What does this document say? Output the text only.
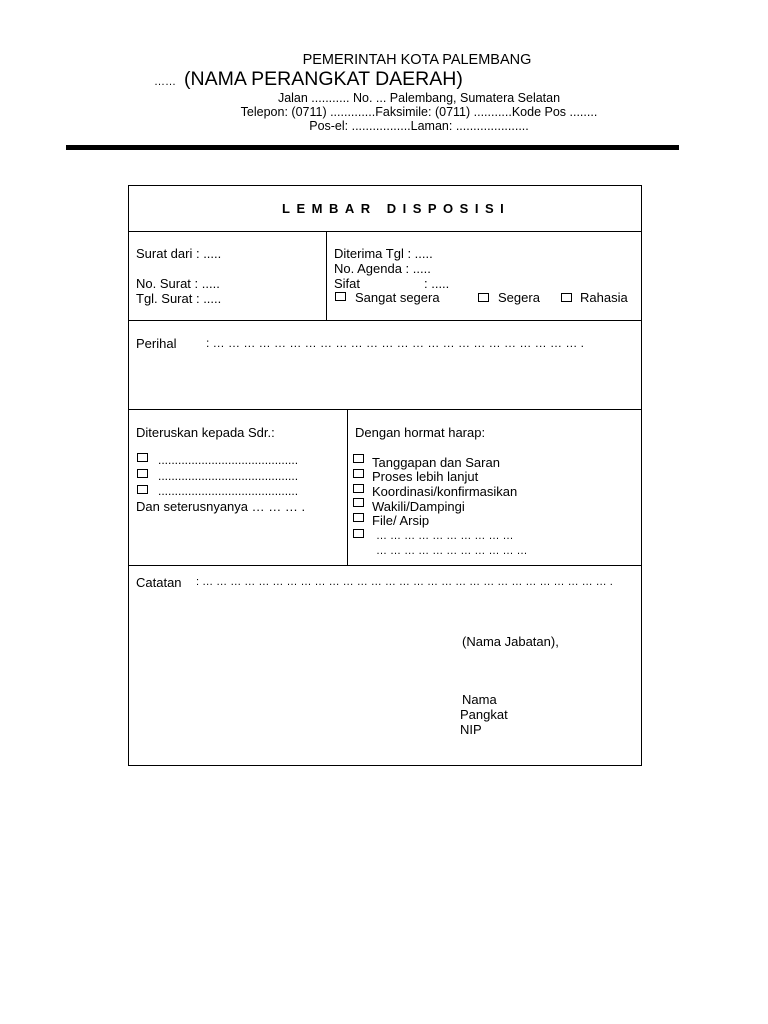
PEMERINTAH KOTA PALEMBANG
…… (NAMA PERANGKAT DAERAH)
Jalan ........... No. ... Palembang, Sumatera Selatan
Telepon: (0711) .............Faksimile: (0711) ...........Kode Pos ........
Pos-el: .................Laman: .....................
LEMBAR DISPOSISI
Surat dari : .....
No. Surat : .....
Tgl. Surat : .....
Diterima Tgl : .....
No. Agenda : .....
Sifat	: .....
Sangat segera	Segera	Rahasia
Perihal : … … … … … … … … … … … … … … … … … … … … … … … … .
Diteruskan kepada Sdr.:
..........................................
..........................................
..........................................
Dan seterusnyanya … … … .
Dengan hormat harap:
Tanggapan dan Saran
Proses lebih lanjut
Koordinasi/konfirmasikan
Wakili/Dampingi
File/ Arsip
… … … … … … … … … …
… … … … … … … … … … …
Catatan : … … … … … … … … … … … … … … … … … … … … … … … … … … … … … .
(Nama Jabatan),
Nama
Pangkat
NIP
